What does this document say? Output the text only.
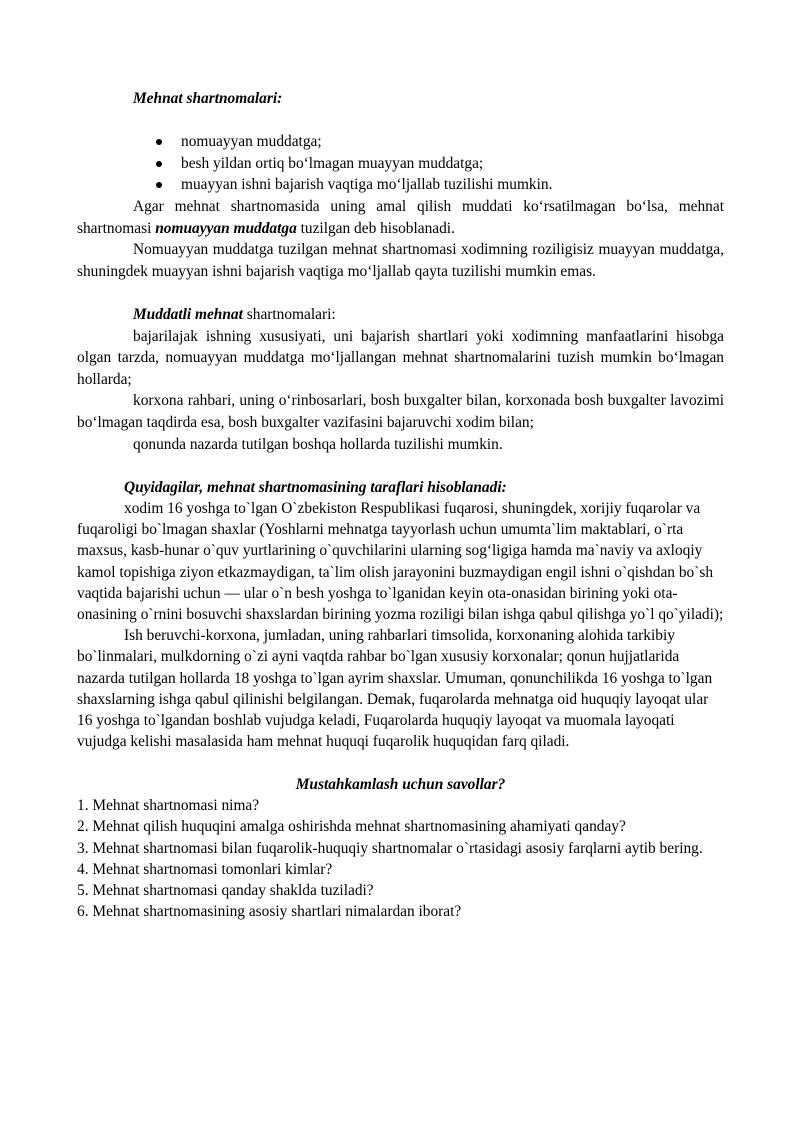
Mehnat shartnomalari:

nomuayyan muddatga;
besh yildan ortiq bo‘lmagan muayyan muddatga;
muayyan ishni bajarish vaqtiga mo‘ljallab tuzilishi mumkin.

Agar mehnat shartnomasida uning amal qilish muddati ko‘rsatilmagan bo‘lsa, mehnat shartnomasi nomuayyan muddatga tuzilgan deb hisoblanadi.

Nomuayyan muddatga tuzilgan mehnat shartnomasi xodimning roziligisiz muayyan muddatga, shuningdek muayyan ishni bajarish vaqtiga mo‘ljallab qayta tuzilishi mumkin emas.

Muddatli mehnat shartnomalari:

bajarilajak ishning xususiyati, uni bajarish shartlari yoki xodimning manfaatlarini hisobga olgan tarzda, nomuayyan muddatga mo‘ljallangan mehnat shartnomalarini tuzish mumkin bo‘lmagan hollarda;

korxona rahbari, uning o‘rinbosarlari, bosh buxgalter bilan, korxonada bosh buxgalter lavozimi bo‘lmagan taqdirda esa, bosh buxgalter vazifasini bajaruvchi xodim bilan;

qonunda nazarda tutilgan boshqa hollarda tuzilishi mumkin.

Quyidagilar, mehnat shartnomasining taraflari hisoblanadi:

xodim 16 yoshga to`lgan O`zbekiston Respublikasi fuqarosi, shuningdek, xorijiy fuqarolar va fuqaroligi bo`lmagan shaxlar (Yoshlarni mehnatga tayyorlash uchun umumta`lim maktablari, o`rta maxsus, kasb-hunar o`quv yurtlarining o`quvchilarini ularning sog‘ligiga hamda ma`naviy va axloqiy kamol topishiga ziyon etkazmaydigan, ta`lim olish jarayonini buzmaydigan engil ishni o`qishdan bo`sh vaqtida bajarishi uchun — ular o`n besh yoshga to`lganidan keyin ota-onasidan birining yoki ota-onasining o`rnini bosuvchi shaxslardan birining yozma roziligi bilan ishga qabul qilishga yo`l qo`yiladi);

Ish beruvchi-korxona, jumladan, uning rahbarlari timsolida, korxonaning alohida tarkibiy bo`linmalari, mulkdorning o`zi ayni vaqtda rahbar bo`lgan xususiy korxonalar; qonun hujjatlarida nazarda tutilgan hollarda 18 yoshga to`lgan ayrim shaxslar. Umuman, qonunchilikda 16 yoshga to`lgan shaxslarning ishga qabul qilinishi belgilangan. Demak, fuqarolarda mehnatga oid huquqiy layoqat ular 16 yoshga to`lgandan boshlab vujudga keladi, Fuqarolarda huquqiy layoqat va muomala layoqati vujudga kelishi masalasida ham mehnat huquqi fuqarolik huquqidan farq qiladi.

Mustahkamlash uchun savollar?

1. Mehnat shartnomasi nima?

2. Mehnat qilish huquqini amalga oshirishda mehnat shartnomasining ahamiyati qanday?

3. Mehnat shartnomasi bilan fuqarolik-huquqiy shartnomalar o`rtasidagi asosiy farqlarni aytib bering.

4. Mehnat shartnomasi tomonlari kimlar?

5. Mehnat shartnomasi qanday shaklda tuziladi?

6. Mehnat shartnomasining asosiy shartlari nimalardan iborat?
